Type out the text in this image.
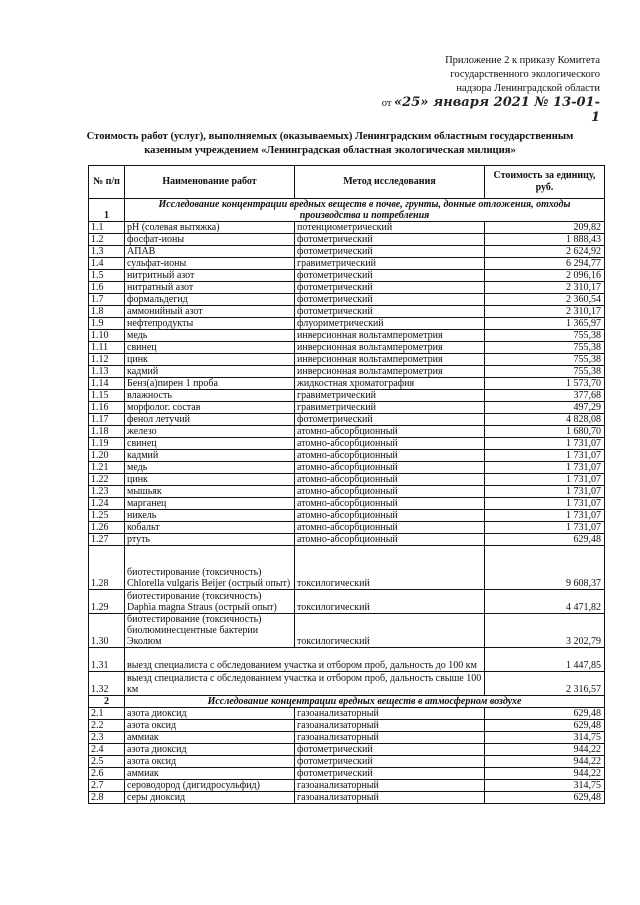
Приложение 2 к приказу Комитета
государственного экологического
надзора Ленинградской области
от «25» января 2021 № 13-01-1
Стоимость работ (услуг), выполняемых (оказываемых) Ленинградским областным государственным
казенным учреждением «Ленинградская областная экологическая милиция»
№ п/п	Наименование работ	Метод исследования	Стоимость за единицу, руб.
1	Исследование концентрации вредных веществ в почве, грунты, донные отложения, отходы производства и потребления		
1.1	pH (солевая вытяжка)	потенциометрический	209,82
1.2	фосфат-ионы	фотометрический	1 888,43
1.3	АПАВ	фотометрический	2 624,92
1.4	сульфат-ионы	гравиметрический	6 294,77
1.5	нитритный азот	фотометрический	2 096,16
1.6	нитратный азот	фотометрический	2 310,17
1.7	формальдегид	фотометрический	2 360,54
1.8	аммонийный азот	фотометрический	2 310,17
1.9	нефтепродукты	флуориметрический	1 365,97
1.10	медь	инверсионная вольтамперометрия	755,38
1.11	свинец	инверсионная вольтамперометрия	755,38
1.12	цинк	инверсионная вольтамперометрия	755,38
1.13	кадмий	инверсионная вольтамперометрия	755,38
1.14	Бенз(а)пирен 1 проба	жидкостная хроматография	1 573,70
1.15	влажность	гравиметрический	377,68
1.16	морфолог. состав	гравиметрический	497,29
1.17	фенол летучий	фотометрический	4 828,08
1.18	железо	атомно-абсорбционный	1 680,70
1.19	свинец	атомно-абсорбционный	1 731,07
1.20	кадмий	атомно-абсорбционный	1 731,07
1.21	медь	атомно-абсорбционный	1 731,07
1.22	цинк	атомно-абсорбционный	1 731,07
1.23	мышьяк	атомно-абсорбционный	1 731,07
1.24	марганец	атомно-абсорбционный	1 731,07
1.25	никель	атомно-абсорбционный	1 731,07
1.26	кобальт	атомно-абсорбционный	1 731,07
1.27	ртуть	атомно-абсорбционный	629,48
1.28	биотестирование (токсичность) Chlorella vulgaris Beijer (острый опыт)	токсилогический	9 608,37
1.29	биотестирование (токсичность) Daphia magna Straus (острый опыт)	токсилогический	4 471,82
1.30	биотестирование (токсичность) биолюминесцентные бактерии Эколюм	токсилогический	3 202,79
1.31	выезд специалиста с обследованием участка и отбором проб, дальность до 100 км		1 447,85
1.32	выезд специалиста с обследованием участка и отбором проб, дальность свыше 100 км		2 316,57
2	Исследование концентрации вредных веществ в атмосферном воздухе		
2.1	азота диоксид	газоанализаторный	629,48
2.2	азота оксид	газоанализаторный	629,48
2.3	аммиак	газоанализаторный	314,75
2.4	азота диоксид	фотометрический	944,22
2.5	азота оксид	фотометрический	944,22
2.6	аммиак	фотометрический	944,22
2.7	сероводород (дигидросульфид)	газоанализаторный	314,75
2.8	серы диоксид	газоанализаторный	629,48
